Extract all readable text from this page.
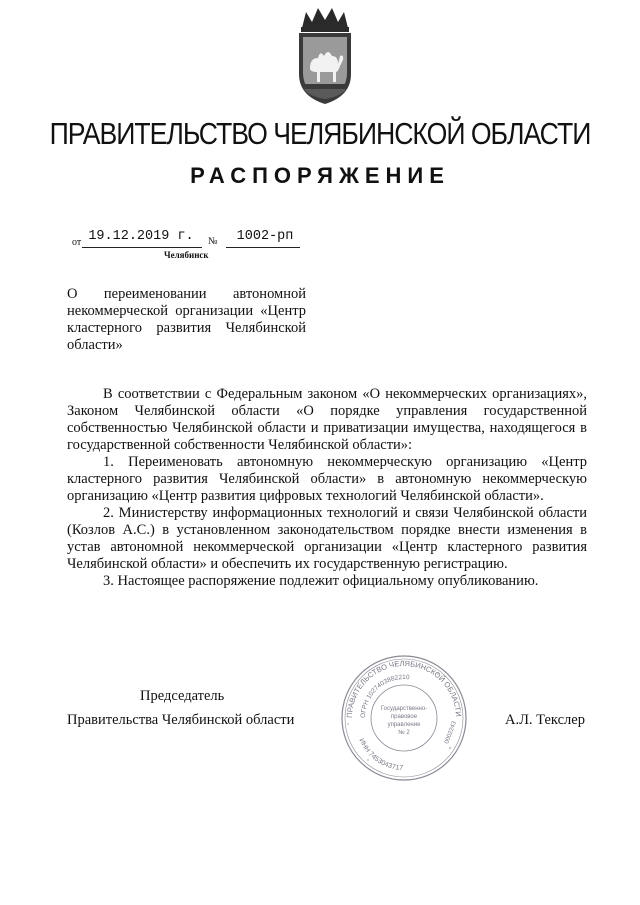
ПРАВИТЕЛЬСТВО ЧЕЛЯБИНСКОЙ ОБЛАСТИ
РАСПОРЯЖЕНИЕ
от 19.12.2019 г.	№	1002-рп
Челябинск
О переименовании автономной некоммерческой организации «Центр кластерного развития Челябинской области»

В соответствии с Федеральным законом «О некоммерческих организациях», Законом Челябинской области «О порядке управления государственной собственностью Челябинской области и приватизации имущества, находящегося в государственной собственности Челябинской области»:

1. Переименовать автономную некоммерческую организацию «Центр кластерного развития Челябинской области» в автономную некоммерческую организацию «Центр развития цифровых технологий Челябинской области».

2. Министерству информационных технологий и связи Челябинской области (Козлов А.С.) в установленном законодательством порядке внести изменения в устав автономной некоммерческой организации «Центр кластерного развития Челябинской области» и обеспечить их государственную регистрацию.

3. Настоящее распоряжение подлежит официальному опубликованию.

Председатель
Правительства Челябинской области	А.Л. Текслер
ПРАВИТЕЛЬСТВО ЧЕЛЯБИНСКОЙ ОБЛАСТИ
ИНН 7453043717
ОГРН 1027403882210
Государственно-
правовое
управление
№ 2	0002243
